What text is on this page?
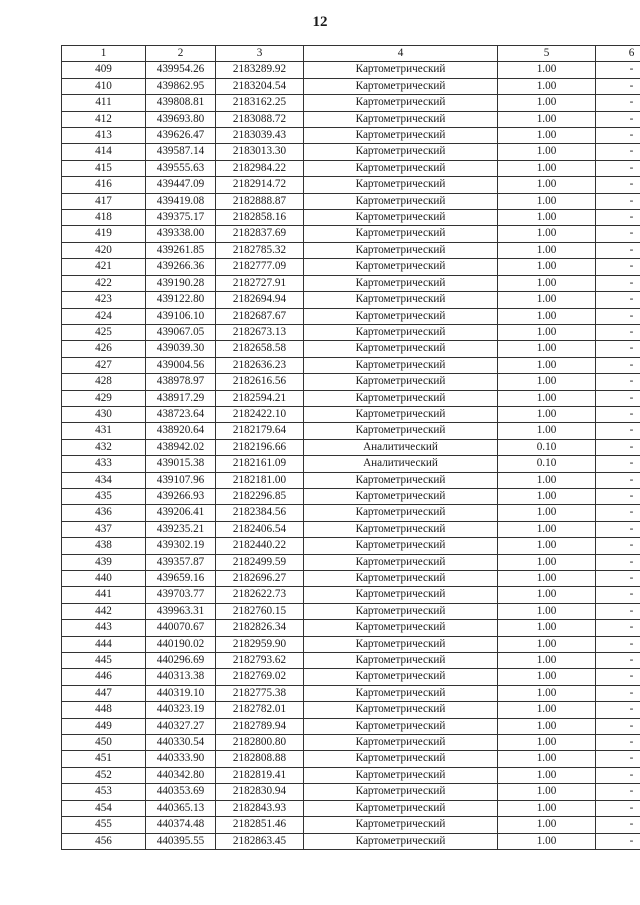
12
1	2	3	4	5	6
409	439954.26	2183289.92	Картометрический	1.00	-
410	439862.95	2183204.54	Картометрический	1.00	-
411	439808.81	2183162.25	Картометрический	1.00	-
412	439693.80	2183088.72	Картометрический	1.00	-
413	439626.47	2183039.43	Картометрический	1.00	-
414	439587.14	2183013.30	Картометрический	1.00	-
415	439555.63	2182984.22	Картометрический	1.00	-
416	439447.09	2182914.72	Картометрический	1.00	-
417	439419.08	2182888.87	Картометрический	1.00	-
418	439375.17	2182858.16	Картометрический	1.00	-
419	439338.00	2182837.69	Картометрический	1.00	-
420	439261.85	2182785.32	Картометрический	1.00	-
421	439266.36	2182777.09	Картометрический	1.00	-
422	439190.28	2182727.91	Картометрический	1.00	-
423	439122.80	2182694.94	Картометрический	1.00	-
424	439106.10	2182687.67	Картометрический	1.00	-
425	439067.05	2182673.13	Картометрический	1.00	-
426	439039.30	2182658.58	Картометрический	1.00	-
427	439004.56	2182636.23	Картометрический	1.00	-
428	438978.97	2182616.56	Картометрический	1.00	-
429	438917.29	2182594.21	Картометрический	1.00	-
430	438723.64	2182422.10	Картометрический	1.00	-
431	438920.64	2182179.64	Картометрический	1.00	-
432	438942.02	2182196.66	Аналитический	0.10	-
433	439015.38	2182161.09	Аналитический	0.10	-
434	439107.96	2182181.00	Картометрический	1.00	-
435	439266.93	2182296.85	Картометрический	1.00	-
436	439206.41	2182384.56	Картометрический	1.00	-
437	439235.21	2182406.54	Картометрический	1.00	-
438	439302.19	2182440.22	Картометрический	1.00	-
439	439357.87	2182499.59	Картометрический	1.00	-
440	439659.16	2182696.27	Картометрический	1.00	-
441	439703.77	2182622.73	Картометрический	1.00	-
442	439963.31	2182760.15	Картометрический	1.00	-
443	440070.67	2182826.34	Картометрический	1.00	-
444	440190.02	2182959.90	Картометрический	1.00	-
445	440296.69	2182793.62	Картометрический	1.00	-
446	440313.38	2182769.02	Картометрический	1.00	-
447	440319.10	2182775.38	Картометрический	1.00	-
448	440323.19	2182782.01	Картометрический	1.00	-
449	440327.27	2182789.94	Картометрический	1.00	-
450	440330.54	2182800.80	Картометрический	1.00	-
451	440333.90	2182808.88	Картометрический	1.00	-
452	440342.80	2182819.41	Картометрический	1.00	-
453	440353.69	2182830.94	Картометрический	1.00	-
454	440365.13	2182843.93	Картометрический	1.00	-
455	440374.48	2182851.46	Картометрический	1.00	-
456	440395.55	2182863.45	Картометрический	1.00	-
